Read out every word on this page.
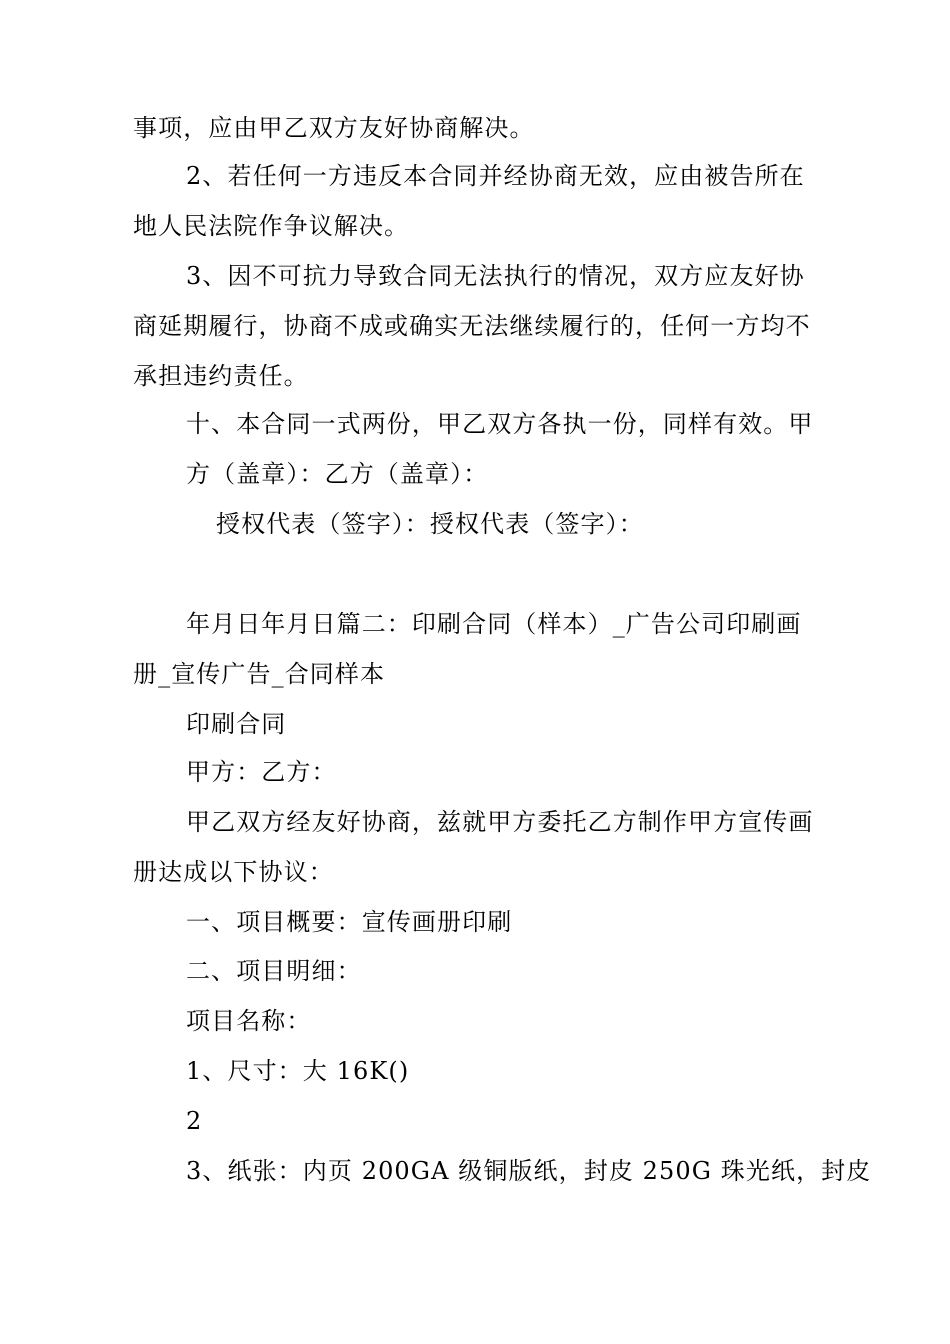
事项，应由甲乙双方友好协商解决。
2、若任何一方违反本合同并经协商无效，应由被告所在
地人民法院作争议解决。
3、因不可抗力导致合同无法执行的情况，双方应友好协
商延期履行，协商不成或确实无法继续履行的，任何一方均不
承担违约责任。
十、本合同一式两份，甲乙双方各执一份，同样有效。甲
方（盖章）：乙方（盖章）：
授权代表（签字）：授权代表（签字）：
年月日年月日篇二：印刷合同（样本）_广告公司印刷画
册_宣传广告_合同样本
印刷合同
甲方：乙方：
甲乙双方经友好协商，兹就甲方委托乙方制作甲方宣传画
册达成以下协议：
一、项目概要：宣传画册印刷
二、项目明细：
项目名称：
1、尺寸：大 16K()
2
3、纸张：内页 200GA 级铜版纸，封皮 250G 珠光纸，封皮
